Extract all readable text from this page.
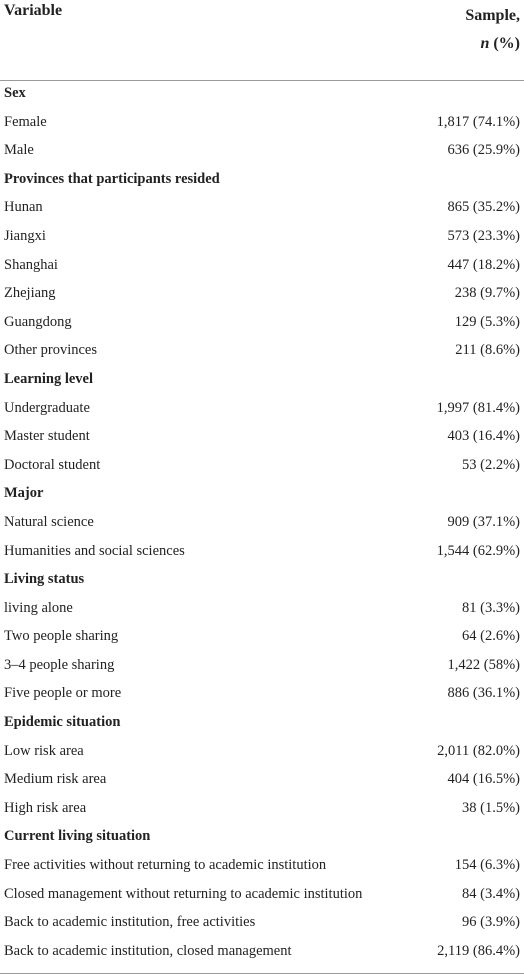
Variable	Sample,
n (%)
Sex
Female	1,817 (74.1%)
Male	636 (25.9%)
Provinces that participants resided
Hunan	865 (35.2%)
Jiangxi	573 (23.3%)
Shanghai	447 (18.2%)
Zhejiang	238 (9.7%)
Guangdong	129 (5.3%)
Other provinces	211 (8.6%)
Learning level
Undergraduate	1,997 (81.4%)
Master student	403 (16.4%)
Doctoral student	53 (2.2%)
Major
Natural science	909 (37.1%)
Humanities and social sciences	1,544 (62.9%)
Living status
living alone	81 (3.3%)
Two people sharing	64 (2.6%)
3–4 people sharing	1,422 (58%)
Five people or more	886 (36.1%)
Epidemic situation
Low risk area	2,011 (82.0%)
Medium risk area	404 (16.5%)
High risk area	38 (1.5%)
Current living situation
Free activities without returning to academic institution	154 (6.3%)
Closed management without returning to academic institution	84 (3.4%)
Back to academic institution, free activities	96 (3.9%)
Back to academic institution, closed management	2,119 (86.4%)
